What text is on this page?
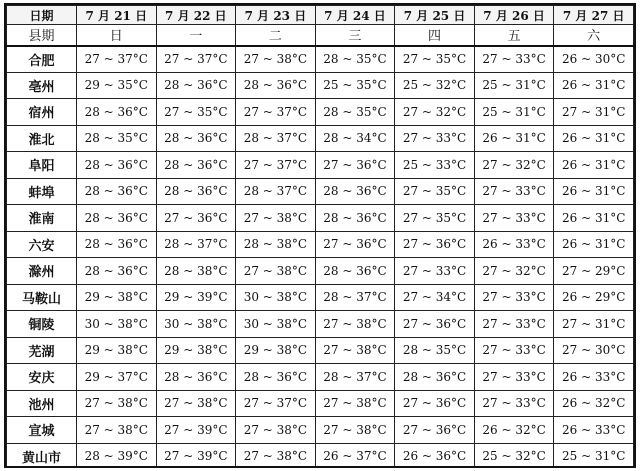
日期	7 月 21 日	7 月 22 日	7 月 23 日	7 月 24 日	7 月 25 日	7 月 26 日	7 月 27 日
县期	日	一	二	三	四	五	六
合肥	27 ~ 37°C	27 ~ 37°C	27 ~ 38°C	28 ~ 35°C	27 ~ 35°C	27 ~ 33°C	26 ~ 30°C
亳州	29 ~ 35°C	28 ~ 36°C	28 ~ 36°C	25 ~ 35°C	25 ~ 32°C	25 ~ 31°C	26 ~ 31°C
宿州	28 ~ 36°C	27 ~ 35°C	27 ~ 37°C	28 ~ 35°C	27 ~ 32°C	25 ~ 31°C	27 ~ 31°C
淮北	28 ~ 35°C	28 ~ 36°C	28 ~ 37°C	28 ~ 34°C	27 ~ 33°C	26 ~ 31°C	26 ~ 31°C
阜阳	28 ~ 36°C	28 ~ 36°C	27 ~ 37°C	27 ~ 36°C	25 ~ 33°C	27 ~ 32°C	26 ~ 31°C
蚌埠	28 ~ 36°C	28 ~ 36°C	28 ~ 37°C	28 ~ 36°C	27 ~ 35°C	27 ~ 33°C	26 ~ 31°C
淮南	28 ~ 36°C	27 ~ 36°C	27 ~ 38°C	28 ~ 36°C	27 ~ 35°C	27 ~ 33°C	26 ~ 31°C
六安	28 ~ 36°C	28 ~ 37°C	28 ~ 38°C	27 ~ 36°C	27 ~ 36°C	26 ~ 33°C	26 ~ 31°C
滁州	28 ~ 36°C	28 ~ 38°C	27 ~ 38°C	28 ~ 36°C	27 ~ 33°C	27 ~ 32°C	27 ~ 29°C
马鞍山	29 ~ 38°C	29 ~ 39°C	30 ~ 38°C	28 ~ 37°C	27 ~ 34°C	27 ~ 33°C	26 ~ 29°C
铜陵	30 ~ 38°C	30 ~ 38°C	30 ~ 38°C	27 ~ 38°C	27 ~ 36°C	27 ~ 33°C	27 ~ 31°C
芜湖	29 ~ 38°C	29 ~ 38°C	29 ~ 38°C	27 ~ 38°C	28 ~ 35°C	27 ~ 33°C	27 ~ 30°C
安庆	29 ~ 37°C	28 ~ 36°C	28 ~ 36°C	28 ~ 37°C	28 ~ 36°C	27 ~ 33°C	26 ~ 33°C
池州	27 ~ 38°C	27 ~ 38°C	27 ~ 37°C	27 ~ 38°C	27 ~ 36°C	27 ~ 33°C	26 ~ 32°C
宣城	27 ~ 38°C	27 ~ 39°C	27 ~ 38°C	27 ~ 38°C	27 ~ 36°C	26 ~ 32°C	26 ~ 33°C
黄山市	28 ~ 39°C	27 ~ 39°C	27 ~ 38°C	26 ~ 37°C	26 ~ 36°C	25 ~ 32°C	25 ~ 31°C
